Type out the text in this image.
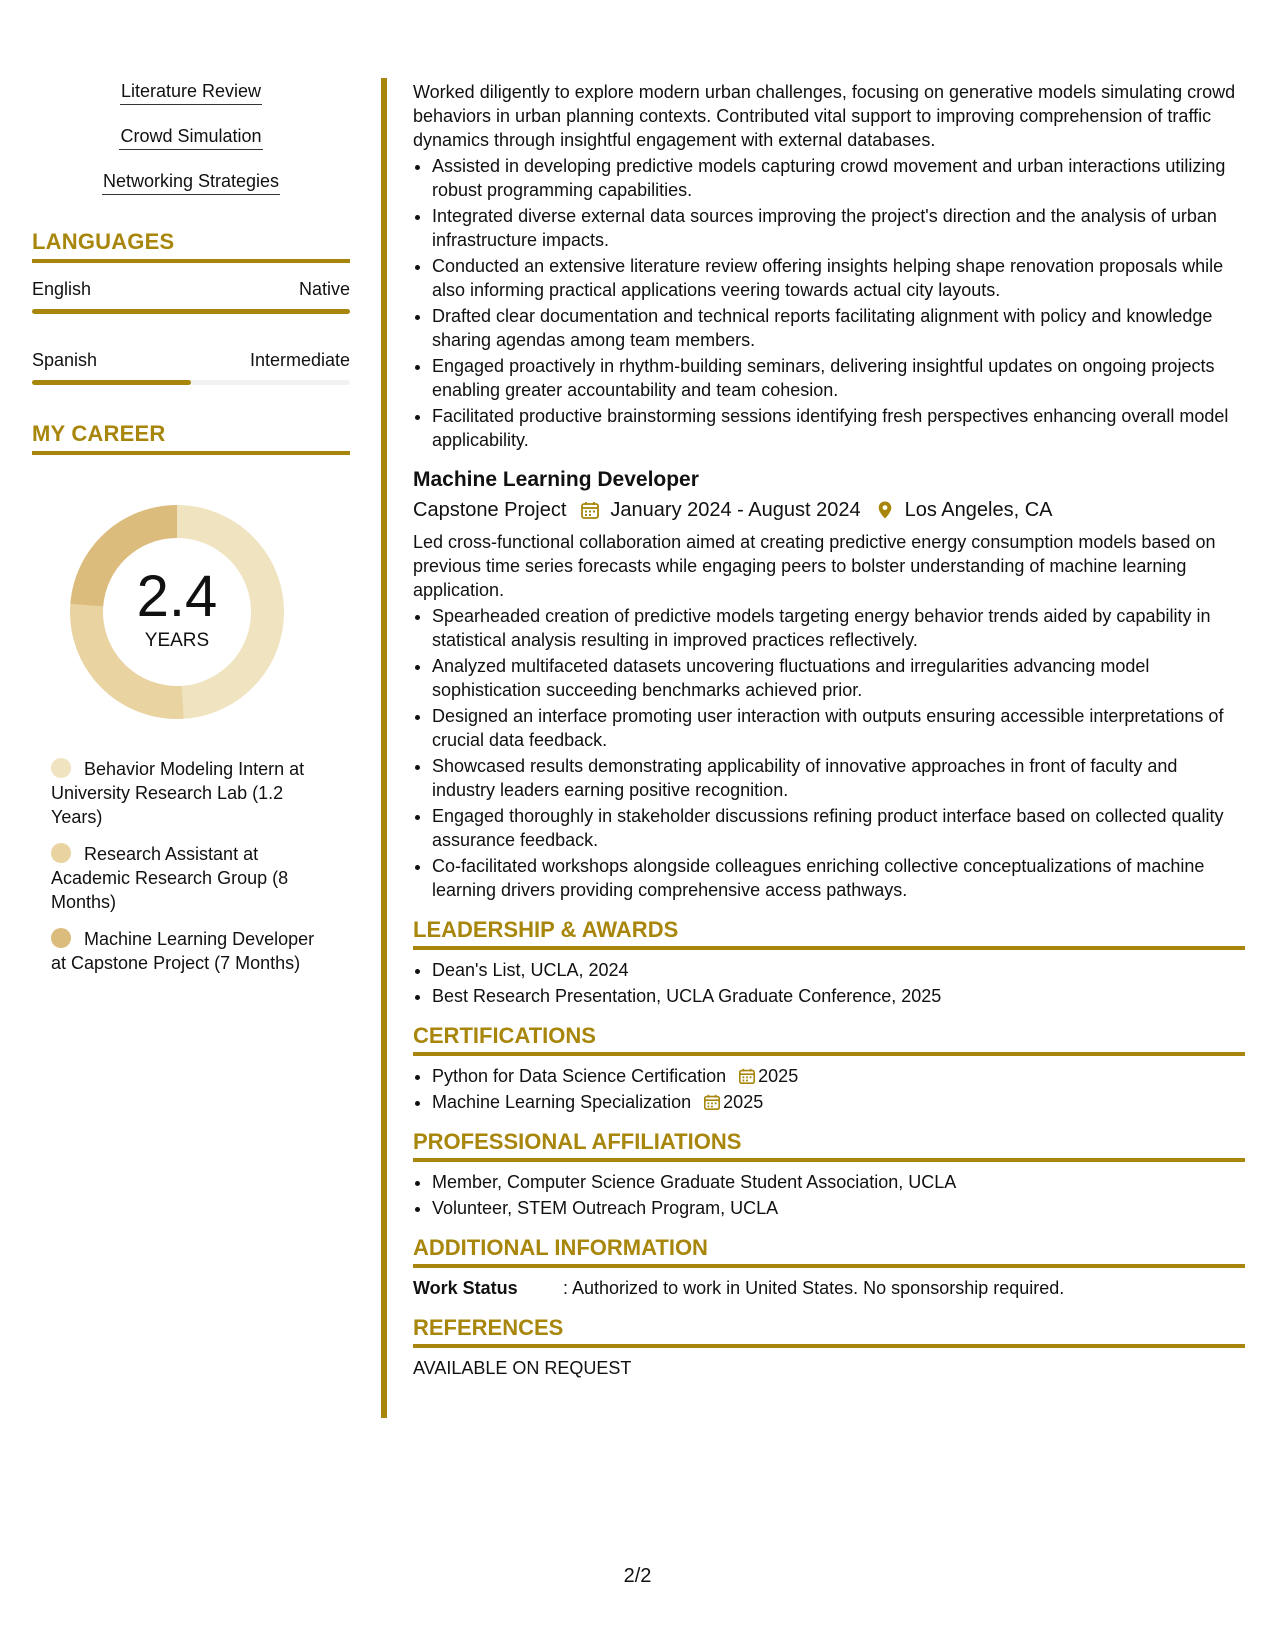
Literature Review
Crowd Simulation
Networking Strategies
LANGUAGES
English	Native
Spanish	Intermediate
MY CAREER
2.4
YEARS
Behavior Modeling Intern at University Research Lab (1.2 Years)
Research Assistant at Academic Research Group (8 Months)
Machine Learning Developer at Capstone Project (7 Months)

Worked diligently to explore modern urban challenges, focusing on generative models simulating crowd behaviors in urban planning contexts. Contributed vital support to improving comprehension of traffic dynamics through insightful engagement with external databases.

• Assisted in developing predictive models capturing crowd movement and urban interactions utilizing robust programming capabilities.
• Integrated diverse external data sources improving the project's direction and the analysis of urban infrastructure impacts.
• Conducted an extensive literature review offering insights helping shape renovation proposals while also informing practical applications veering towards actual city layouts.
• Drafted clear documentation and technical reports facilitating alignment with policy and knowledge sharing agendas among team members.
• Engaged proactively in rhythm-building seminars, delivering insightful updates on ongoing projects enabling greater accountability and team cohesion.
• Facilitated productive brainstorming sessions identifying fresh perspectives enhancing overall model applicability.
Machine Learning Developer
Capstone Project January 2024 - August 2024 Los Angeles, CA

Led cross-functional collaboration aimed at creating predictive energy consumption models based on previous time series forecasts while engaging peers to bolster understanding of machine learning application.

• Spearheaded creation of predictive models targeting energy behavior trends aided by capability in statistical analysis resulting in improved practices reflectively.
• Analyzed multifaceted datasets uncovering fluctuations and irregularities advancing model sophistication succeeding benchmarks achieved prior.
• Designed an interface promoting user interaction with outputs ensuring accessible interpretations of crucial data feedback.
• Showcased results demonstrating applicability of innovative approaches in front of faculty and industry leaders earning positive recognition.
• Engaged thoroughly in stakeholder discussions refining product interface based on collected quality assurance feedback.
• Co-facilitated workshops alongside colleagues enriching collective conceptualizations of machine learning drivers providing comprehensive access pathways.
LEADERSHIP & AWARDS
• Dean's List, UCLA, 2024
• Best Research Presentation, UCLA Graduate Conference, 2025
CERTIFICATIONS
• Python for Data Science Certification 2025
• Machine Learning Specialization 2025
PROFESSIONAL AFFILIATIONS
• Member, Computer Science Graduate Student Association, UCLA
• Volunteer, STEM Outreach Program, UCLA
ADDITIONAL INFORMATION
Work Status	: Authorized to work in United States. No sponsorship required.
REFERENCES

AVAILABLE ON REQUEST

2/2
